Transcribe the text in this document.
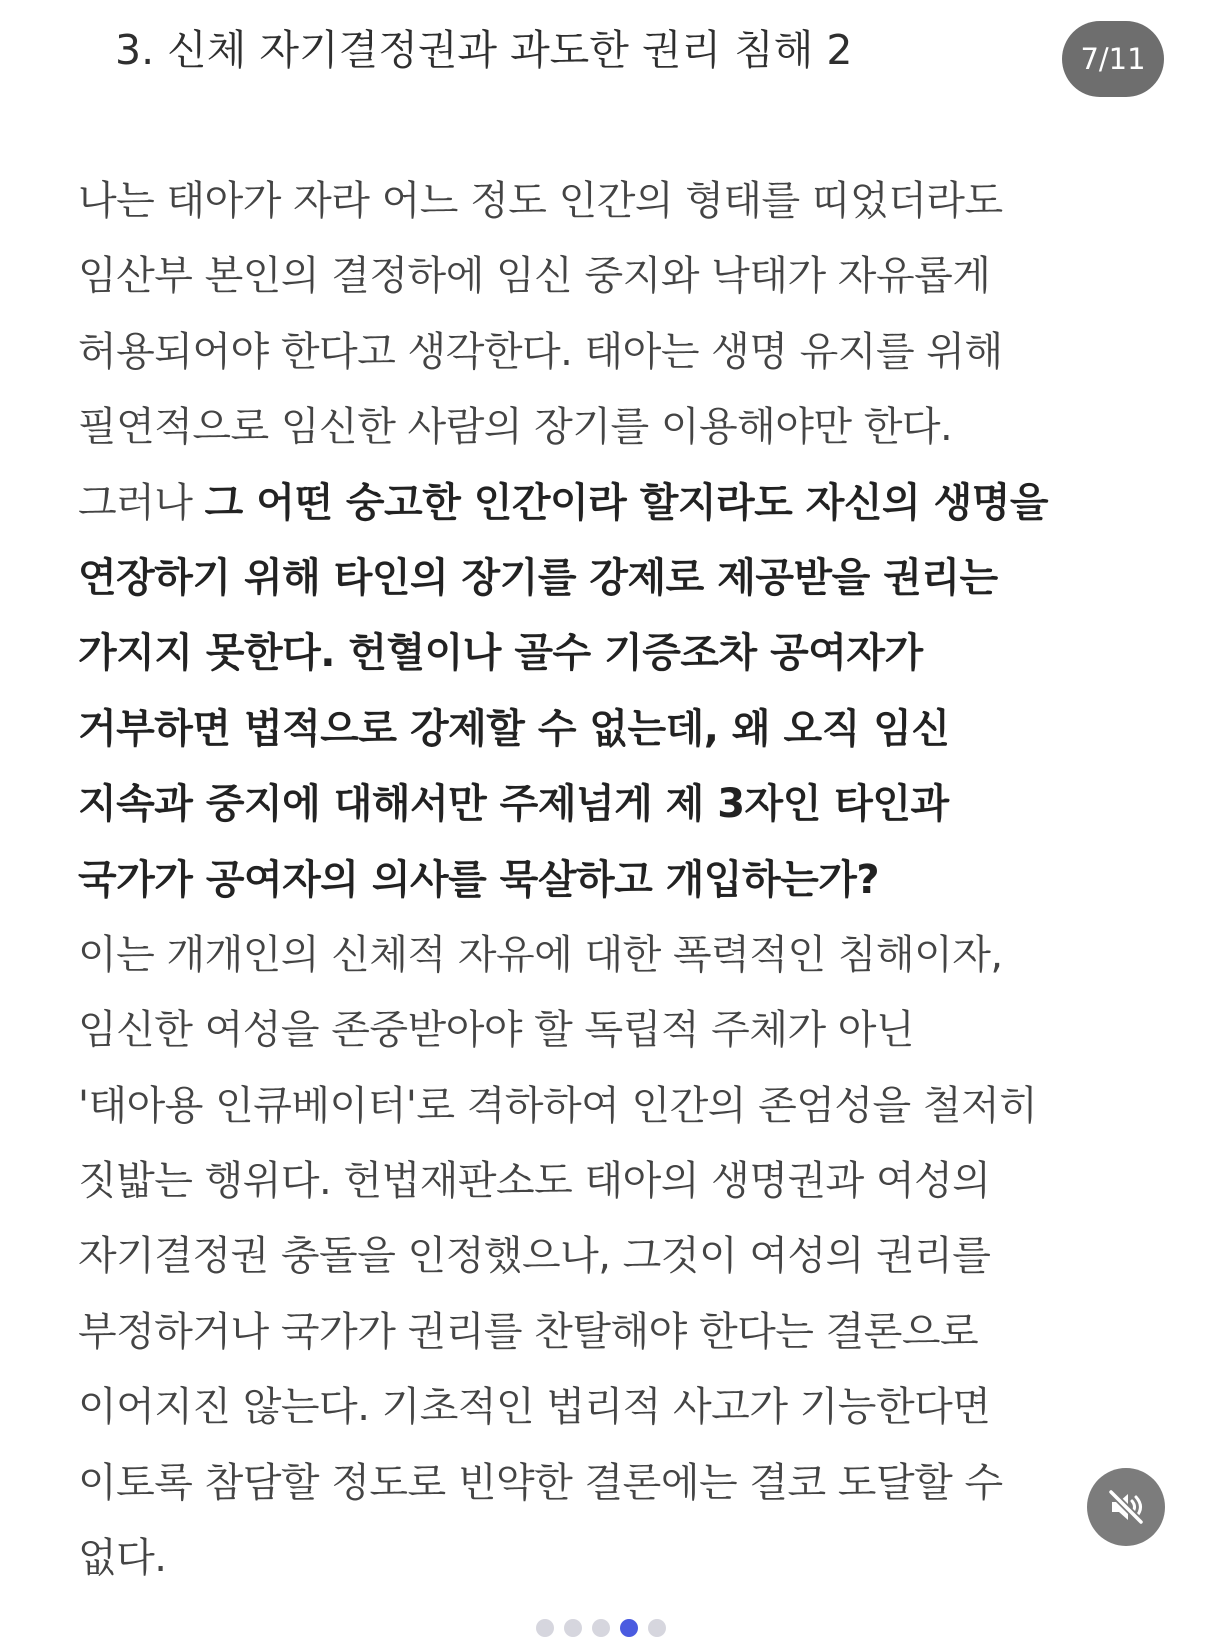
3. 신체 자기결정권과 과도한 권리 침해 2	7/11
나는 태아가 자라 어느 정도 인간의 형태를 띠었더라도
임산부 본인의 결정하에 임신 중지와 낙태가 자유롭게
허용되어야 한다고 생각한다. 태아는 생명 유지를 위해
필연적으로 임신한 사람의 장기를 이용해야만 한다.
그러나 그 어떤 숭고한 인간이라 할지라도 자신의 생명을
연장하기 위해 타인의 장기를 강제로 제공받을 권리는
가지지 못한다. 헌혈이나 골수 기증조차 공여자가
거부하면 법적으로 강제할 수 없는데, 왜 오직 임신
지속과 중지에 대해서만 주제넘게 제 3자인 타인과
국가가 공여자의 의사를 묵살하고 개입하는가?
이는 개개인의 신체적 자유에 대한 폭력적인 침해이자,
임신한 여성을 존중받아야 할 독립적 주체가 아닌
'태아용 인큐베이터'로 격하하여 인간의 존엄성을 철저히
짓밟는 행위다. 헌법재판소도 태아의 생명권과 여성의
자기결정권 충돌을 인정했으나, 그것이 여성의 권리를
부정하거나 국가가 권리를 찬탈해야 한다는 결론으로
이어지진 않는다. 기초적인 법리적 사고가 기능한다면
이토록 참담할 정도로 빈약한 결론에는 결코 도달할 수
없다.
